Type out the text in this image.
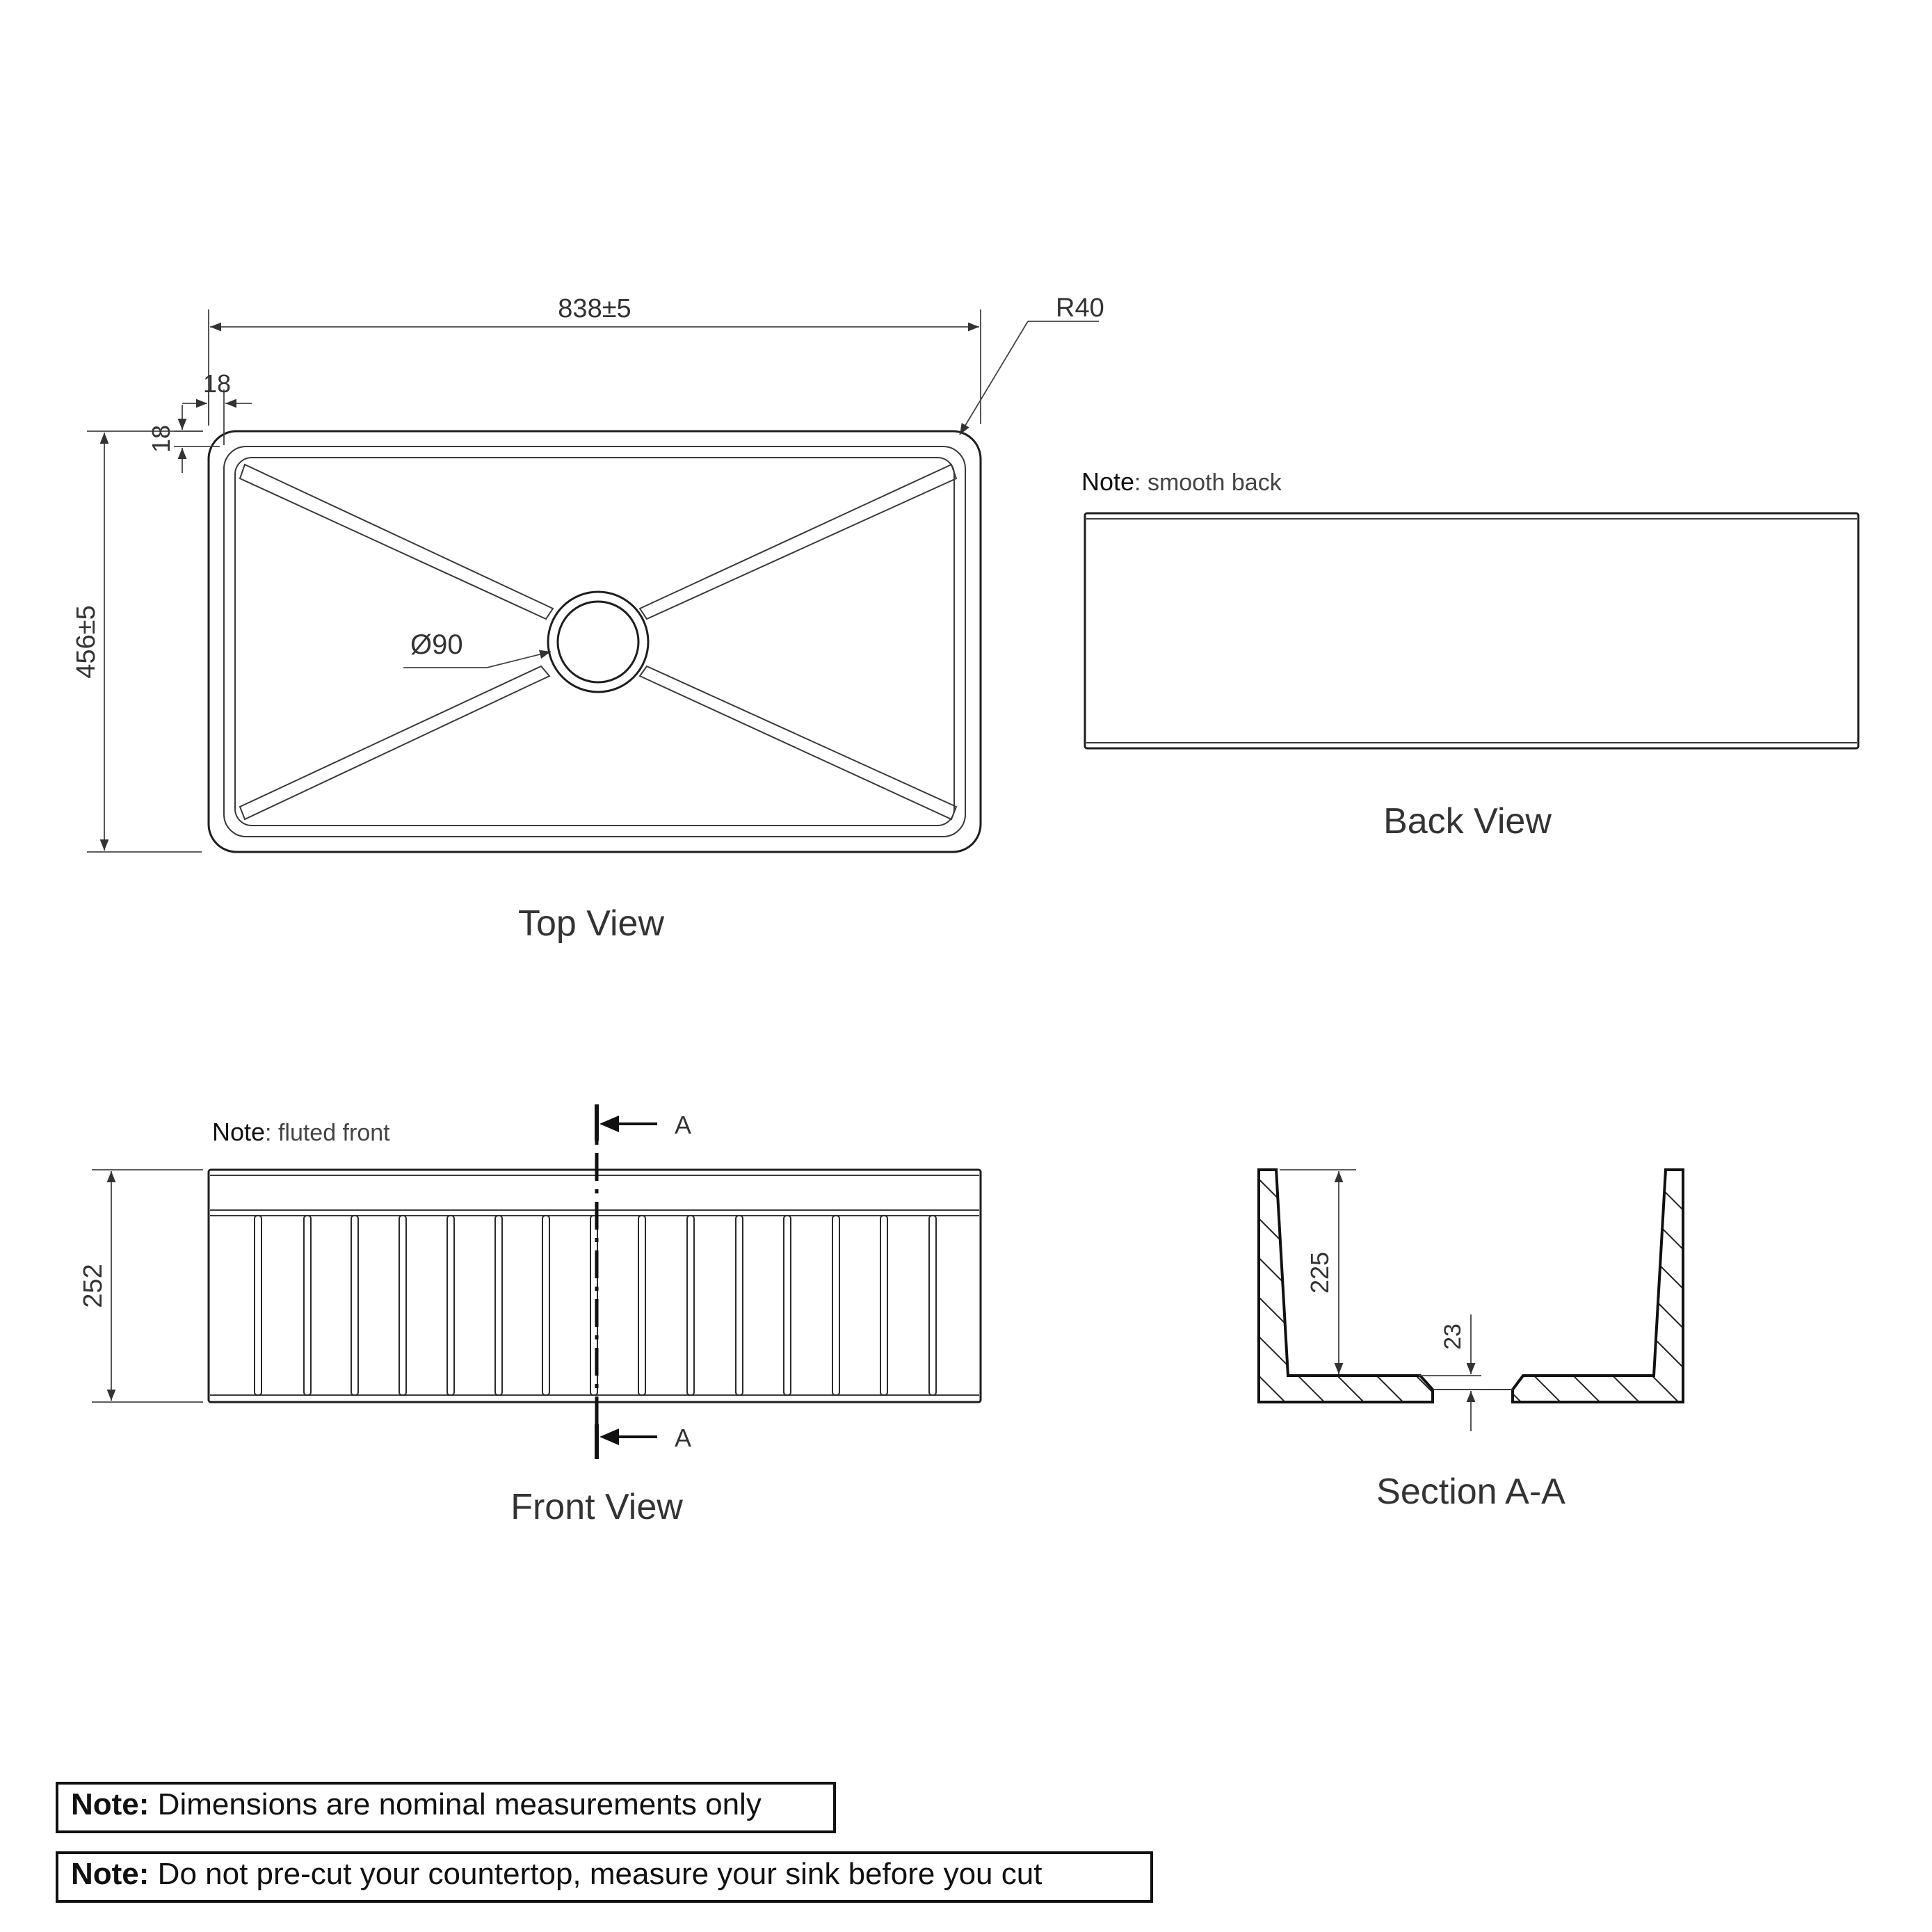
838±5
456±5
18
18
R40
Ø90
Top View
Note: smooth back
Back View
Note: fluted front
252
A
A
Front View
225
23
Section A-A
Note: Dimensions are nominal measurements only
Note: Do not pre-cut your countertop, measure your sink before you cut
